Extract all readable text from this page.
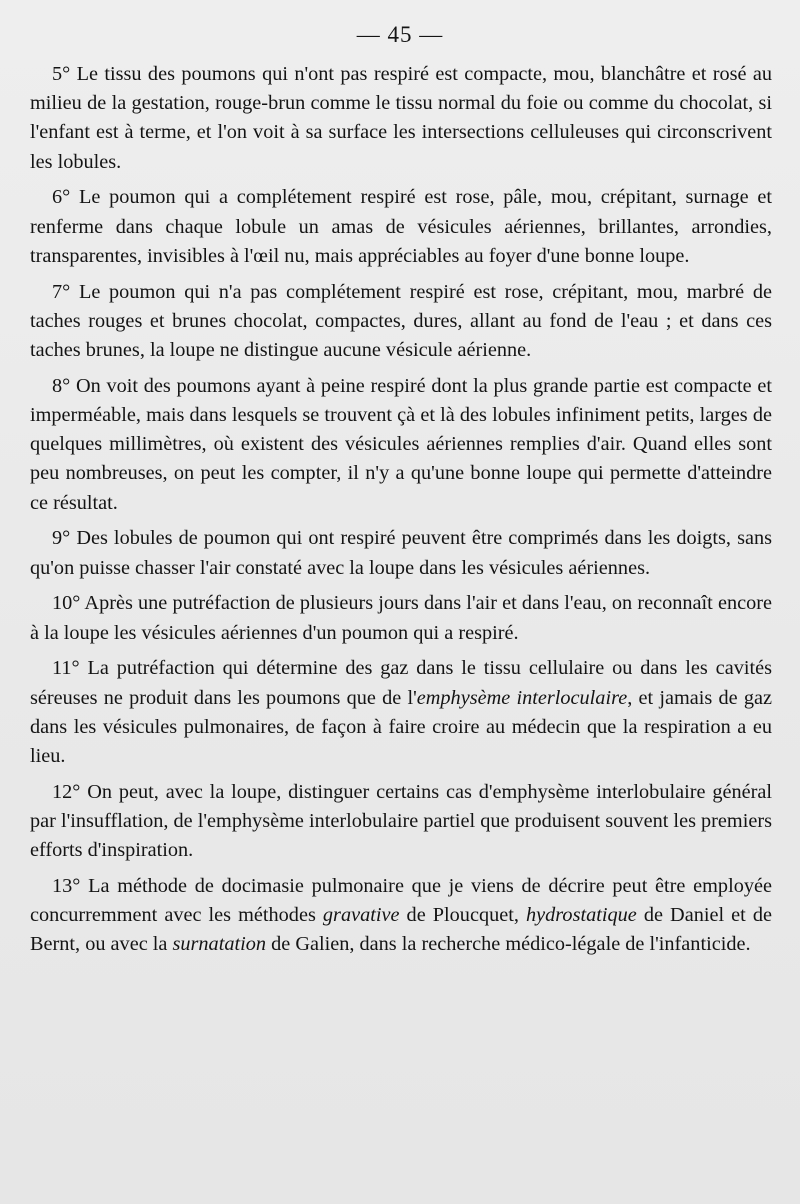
— 45 —

5° Le tissu des poumons qui n'ont pas respiré est compacte, mou, blanchâtre et rosé au milieu de la gestation, rouge-brun comme le tissu normal du foie ou comme du chocolat, si l'enfant est à terme, et l'on voit à sa surface les intersections celluleuses qui circonscrivent les lobules.

6° Le poumon qui a complétement respiré est rose, pâle, mou, crépitant, surnage et renferme dans chaque lobule un amas de vésicules aériennes, brillantes, arrondies, transparentes, invisibles à l'œil nu, mais appréciables au foyer d'une bonne loupe.

7° Le poumon qui n'a pas complétement respiré est rose, crépitant, mou, marbré de taches rouges et brunes chocolat, compactes, dures, allant au fond de l'eau ; et dans ces taches brunes, la loupe ne distingue aucune vésicule aérienne.

8° On voit des poumons ayant à peine respiré dont la plus grande partie est compacte et imperméable, mais dans lesquels se trouvent çà et là des lobules infiniment petits, larges de quelques millimètres, où existent des vésicules aériennes remplies d'air. Quand elles sont peu nombreuses, on peut les compter, il n'y a qu'une bonne loupe qui permette d'atteindre ce résultat.

9° Des lobules de poumon qui ont respiré peuvent être comprimés dans les doigts, sans qu'on puisse chasser l'air constaté avec la loupe dans les vésicules aériennes.

10° Après une putréfaction de plusieurs jours dans l'air et dans l'eau, on reconnaît encore à la loupe les vésicules aériennes d'un poumon qui a respiré.

11° La putréfaction qui détermine des gaz dans le tissu cellulaire ou dans les cavités séreuses ne produit dans les poumons que de l'emphysème interloculaire, et jamais de gaz dans les vésicules pulmonaires, de façon à faire croire au médecin que la respiration a eu lieu.

12° On peut, avec la loupe, distinguer certains cas d'emphysème interlobulaire général par l'insufflation, de l'emphysème interlobulaire partiel que produisent souvent les premiers efforts d'inspiration.

13° La méthode de docimasie pulmonaire que je viens de décrire peut être employée concurremment avec les méthodes gravative de Ploucquet, hydrostatique de Daniel et de Bernt, ou avec la surnatation de Galien, dans la recherche médico-légale de l'infanticide.
